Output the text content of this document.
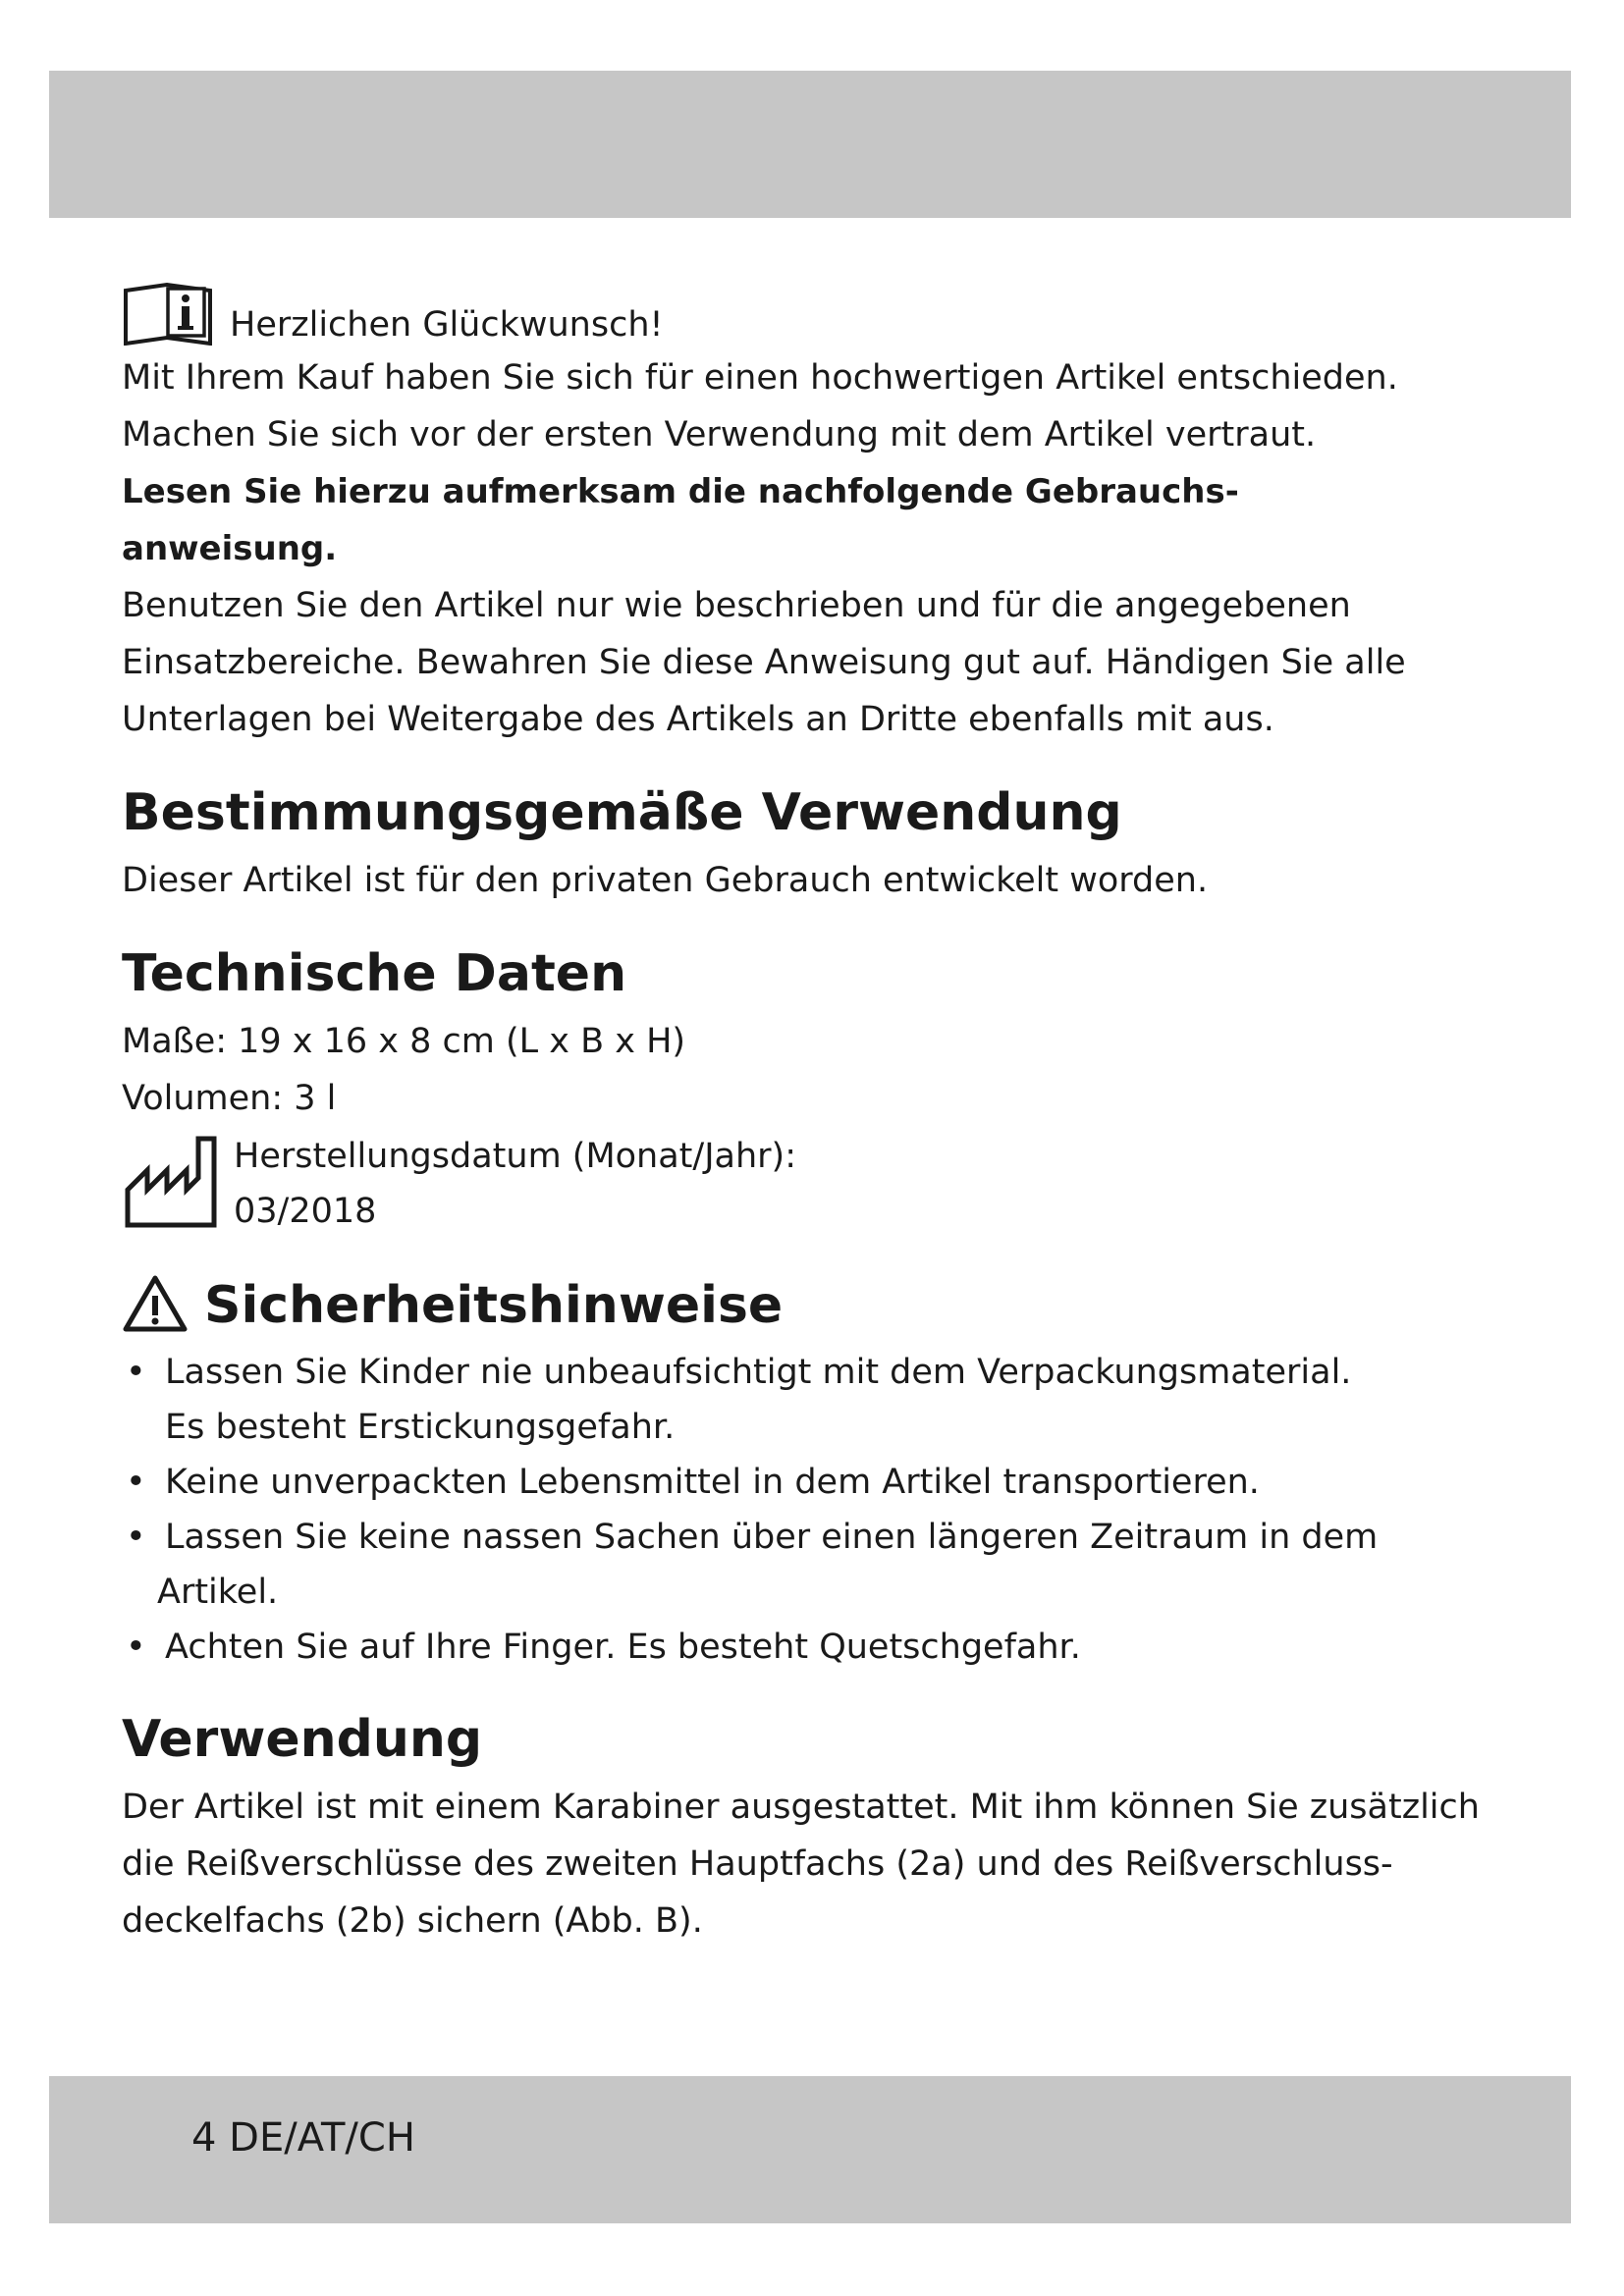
Herzlichen Glückwunsch!
Mit Ihrem Kauf haben Sie sich für einen hochwertigen Artikel entschieden.
Machen Sie sich vor der ersten Verwendung mit dem Artikel vertraut.
Lesen Sie hierzu aufmerksam die nachfolgende Gebrauchs-
anweisung.
Benutzen Sie den Artikel nur wie beschrieben und für die angegebenen
Einsatzbereiche. Bewahren Sie diese Anweisung gut auf. Händigen Sie alle
Unterlagen bei Weitergabe des Artikels an Dritte ebenfalls mit aus.
Bestimmungsgemäße Verwendung
Dieser Artikel ist für den privaten Gebrauch entwickelt worden.
Technische Daten
Maße: 19 x 16 x 8 cm (L x B x H)
Volumen: 3 l
Herstellungsdatum (Monat/Jahr):
03/2018
Sicherheitshinweise
• Lassen Sie Kinder nie unbeaufsichtigt mit dem Verpackungsmaterial.
Es besteht Erstickungsgefahr.
• Keine unverpackten Lebensmittel in dem Artikel transportieren.
• Lassen Sie keine nassen Sachen über einen längeren Zeitraum in dem
Artikel.
• Achten Sie auf Ihre Finger. Es besteht Quetschgefahr.
Verwendung
Der Artikel ist mit einem Karabiner ausgestattet. Mit ihm können Sie zusätzlich
die Reißverschlüsse des zweiten Hauptfachs (2a) und des Reißverschluss-
deckelfachs (2b) sichern (Abb. B).
4 DE/AT/CH
